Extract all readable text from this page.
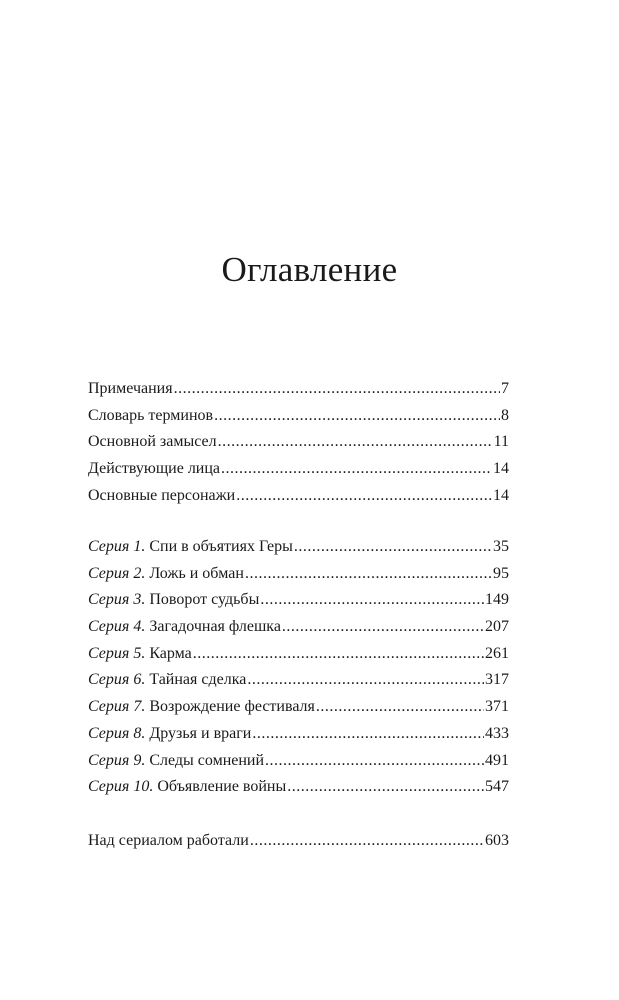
Оглавление
Примечания .....	7
Словарь терминов .....	8
Основной замысел .....	11
Действующие лица .....	14
Основные персонажи .....	14
Серия 1. Спи в объятиях Геры .....	35
Серия 2. Ложь и обман .....	95
Серия 3. Поворот судьбы .....	149
Серия 4. Загадочная флешка .....	207
Серия 5. Карма .....	261
Серия 6. Тайная сделка .....	317
Серия 7. Возрождение фестиваля .....	371
Серия 8. Друзья и враги .....	433
Серия 9. Следы сомнений .....	491
Серия 10. Объявление войны .....	547
Над сериалом работали .....	603
